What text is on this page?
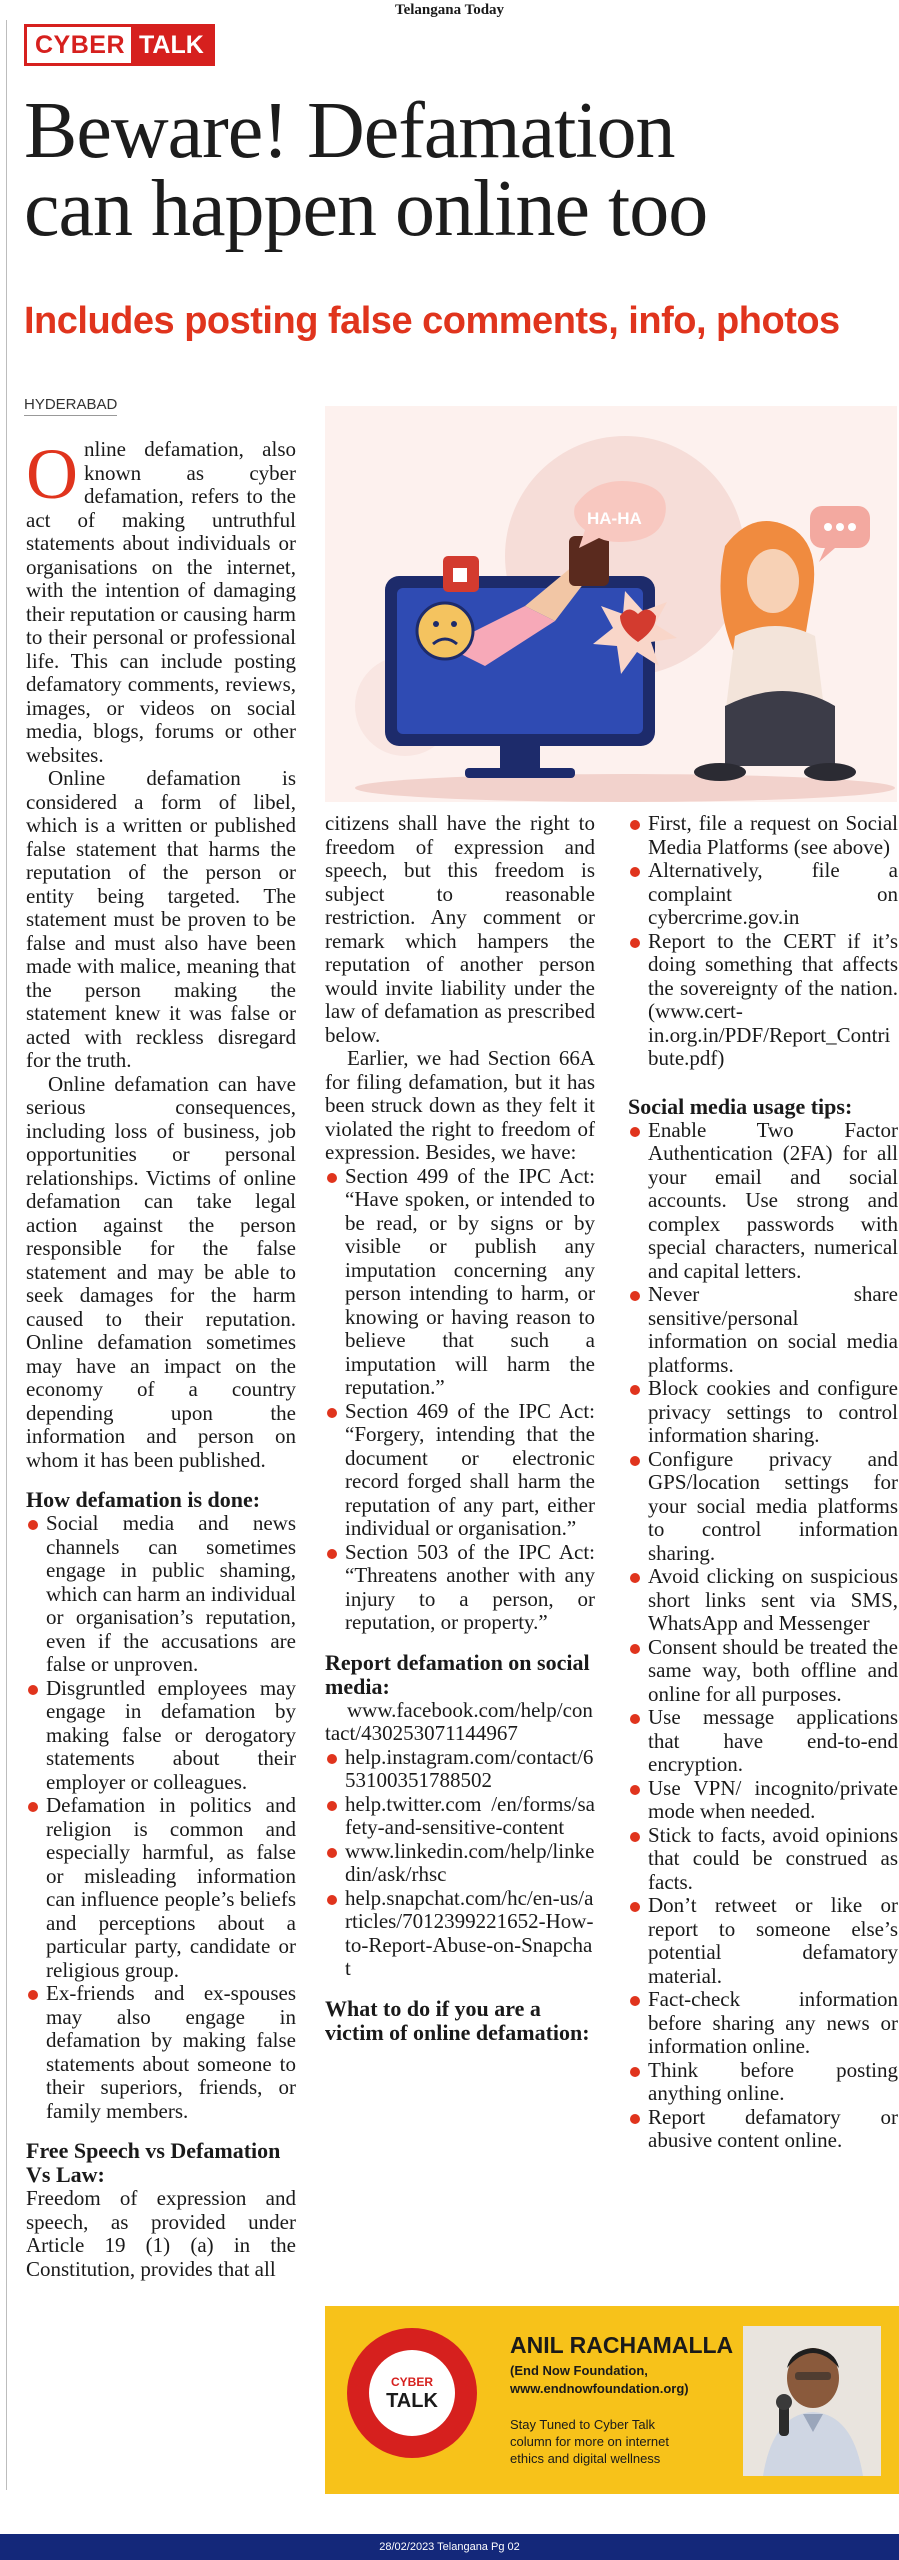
Telangana Today
CYBER TALK
Beware! Defamation
can happen online too
Includes posting false comments, info, photos
HYDERABAD
HA-HA

Online defamation, also known as cyber defamation, refers to the act of making untruthful statements about individuals or organisations on the internet, with the intention of damaging their reputation or causing harm to their personal or professional life. This can include posting defamatory comments, reviews, images, or videos on social media, blogs, forums or other websites.

Online defamation is considered a form of libel, which is a written or published false statement that harms the reputation of the person or entity being targeted. The statement must be proven to be false and must also have been made with malice, meaning that the person making the statement knew it was false or acted with reckless disregard for the truth.

Online defamation can have serious consequences, including loss of business, job opportunities or personal relationships. Victims of online defamation can take legal action against the person responsible for the false statement and may be able to seek damages for the harm caused to their reputation. Online defamation sometimes may have an impact on the economy of a country depending upon the information and person on whom it has been published.

How defamation is done:
Social media and news channels can sometimes engage in public shaming, which can harm an individual or organisation’s reputation, even if the accusations are false or unproven.
Disgruntled employees may engage in defamation by making false or derogatory statements about their employer or colleagues.
Defamation in politics and religion is common and especially harmful, as false or misleading information can influence people’s beliefs and perceptions about a particular party, candidate or religious group.
Ex-friends and ex-spouses may also engage in defamation by making false statements about someone to their superiors, friends, or family members.
Free Speech vs Defamation Vs Law:

Freedom of expression and speech, as provided under Article 19 (1) (a) in the Constitution, provides that all

citizens shall have the right to freedom of expression and speech, but this freedom is subject to reasonable restriction. Any comment or remark which hampers the reputation of another person would invite liability under the law of defamation as prescribed below.

Earlier, we had Section 66A for filing defamation, but it has been struck down as they felt it violated the right to freedom of expression. Besides, we have:

Section 499 of the IPC Act: “Have spoken, or intended to be read, or by signs or by visible or publish any imputation concerning any person intending to harm, or knowing or having reason to believe that such a imputation will harm the reputation.”
Section 469 of the IPC Act: “Forgery, intending that the document or electronic record forged shall harm the reputation of any part, either individual or organisation.”
Section 503 of the IPC Act: “Threatens another with any injury to a person, or reputation, or property.”
Report defamation on social media:

www.facebook.com/help/contact/430253071144967

help.instagram.com/contact/653100351788502
help.twitter.com /en/forms/safety-and-sensitive-content
www.linkedin.com/help/linkedin/ask/rhsc
help.snapchat.com/hc/en-us/articles/7012399221652-How-to-Report-Abuse-on-Snapchat
What to do if you are a victim of online defamation:
First, file a request on Social Media Platforms (see above)
Alternatively, file a complaint on cybercrime.gov.in
Report to the CERT if it’s doing something that affects the sovereignty of the nation. (www.cert-in.org.in/PDF/Report_Contribute.pdf)
Social media usage tips:
Enable Two Factor Authentication (2FA) for all your email and social accounts. Use strong and complex passwords with special characters, numerical and capital letters.
Never share sensitive/personal information on social media platforms.
Block cookies and configure privacy settings to control information sharing.
Configure privacy and GPS/location settings for your social media platforms to control information sharing.
Avoid clicking on suspicious short links sent via SMS, WhatsApp and Messenger
Consent should be treated the same way, both offline and online for all purposes.
Use message applications that have end-to-end encryption.
Use VPN/ incognito/private mode when needed.
Stick to facts, avoid opinions that could be construed as facts.
Don’t retweet or like or report to someone else’s potential defamatory material.
Fact-check information before sharing any news or information online.
Think before posting anything online.
Report defamatory or abusive content online.
CYBER
TALK
ANIL RACHAMALLA
(End Now Foundation, www.endnowfoundation.org)
Stay Tuned to Cyber Talk column for more on internet ethics and digital wellness
28/02/2023 Telangana Pg 02
